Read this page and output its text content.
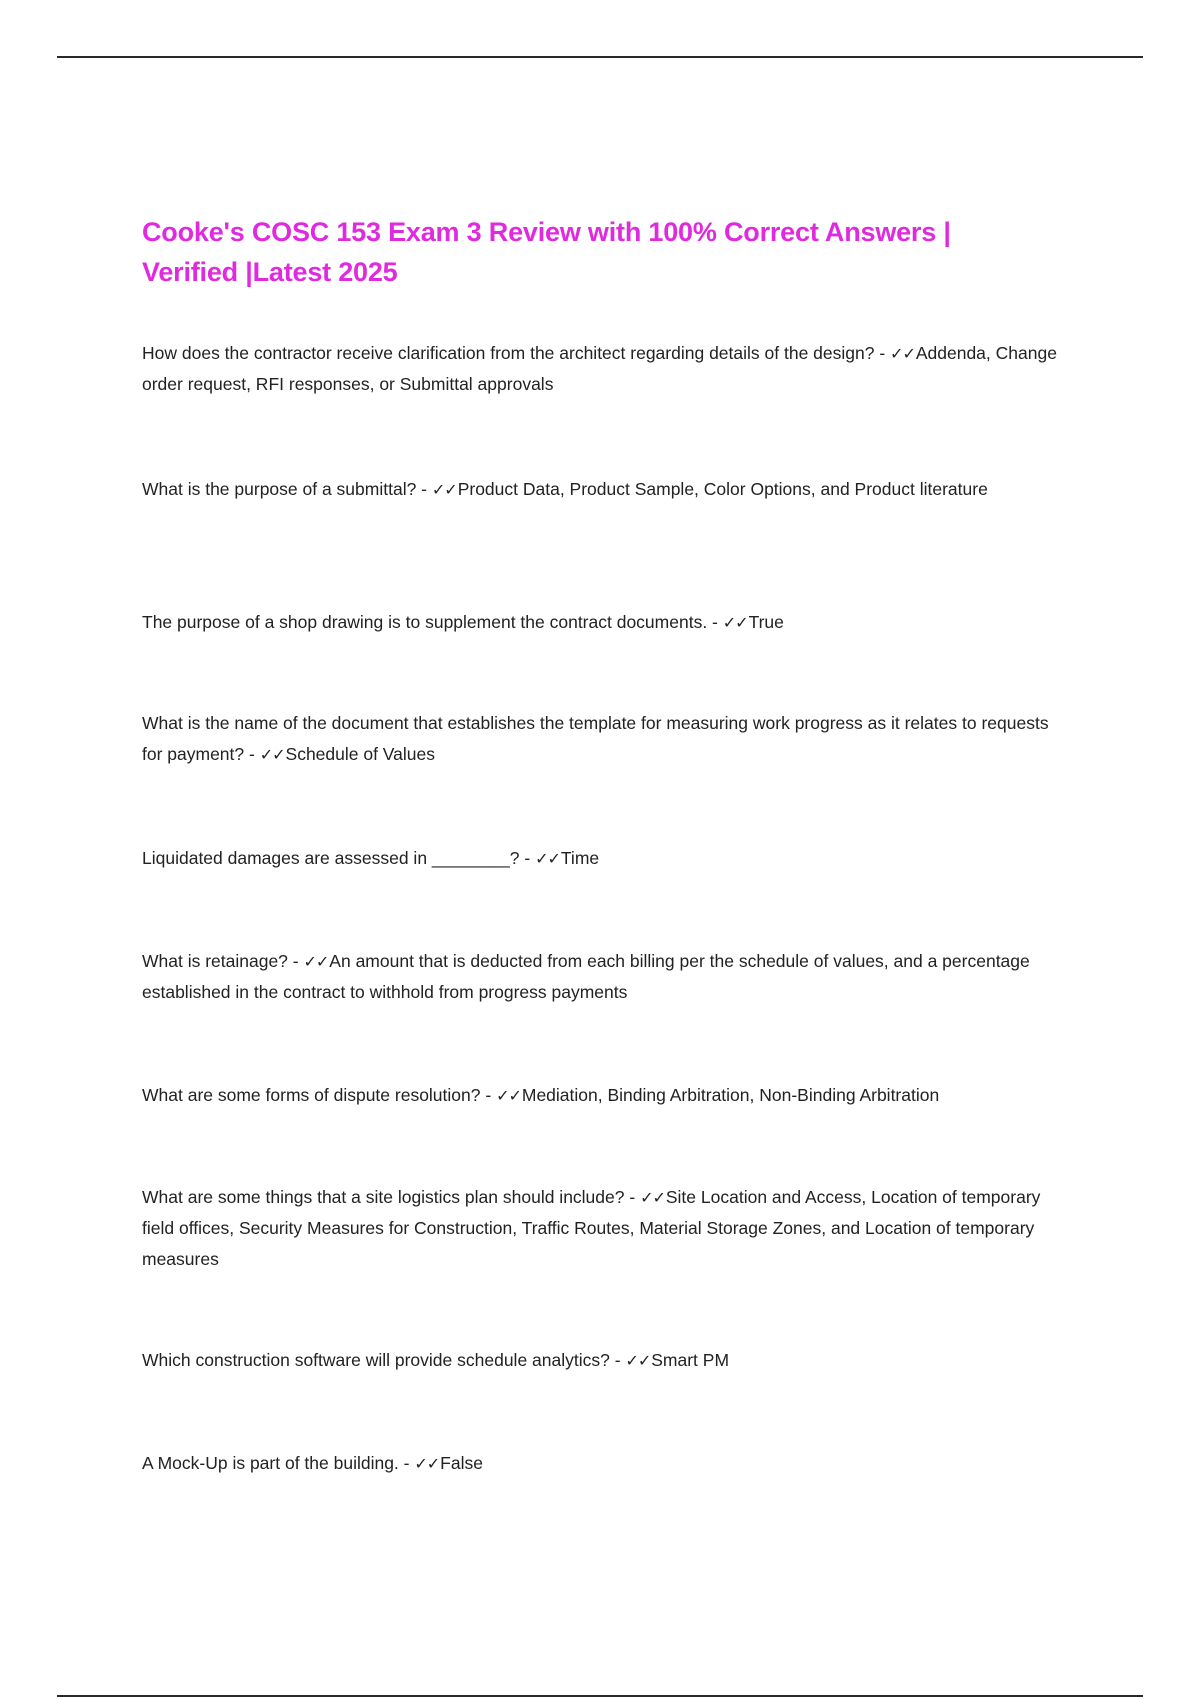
Cooke's COSC 153 Exam 3 Review with 100% Correct Answers | Verified |Latest 2025

How does the contractor receive clarification from the architect regarding details of the design? - ✓✓Addenda, Change order request, RFI responses, or Submittal approvals

What is the purpose of a submittal? - ✓✓Product Data, Product Sample, Color Options, and Product literature

The purpose of a shop drawing is to supplement the contract documents. - ✓✓True

What is the name of the document that establishes the template for measuring work progress as it relates to requests for payment? - ✓✓Schedule of Values

Liquidated damages are assessed in ________? - ✓✓Time

What is retainage? - ✓✓An amount that is deducted from each billing per the schedule of values, and a percentage established in the contract to withhold from progress payments

What are some forms of dispute resolution? - ✓✓Mediation, Binding Arbitration, Non-Binding Arbitration

What are some things that a site logistics plan should include? - ✓✓Site Location and Access, Location of temporary field offices, Security Measures for Construction, Traffic Routes, Material Storage Zones, and Location of temporary measures

Which construction software will provide schedule analytics? - ✓✓Smart PM

A Mock-Up is part of the building. - ✓✓False
